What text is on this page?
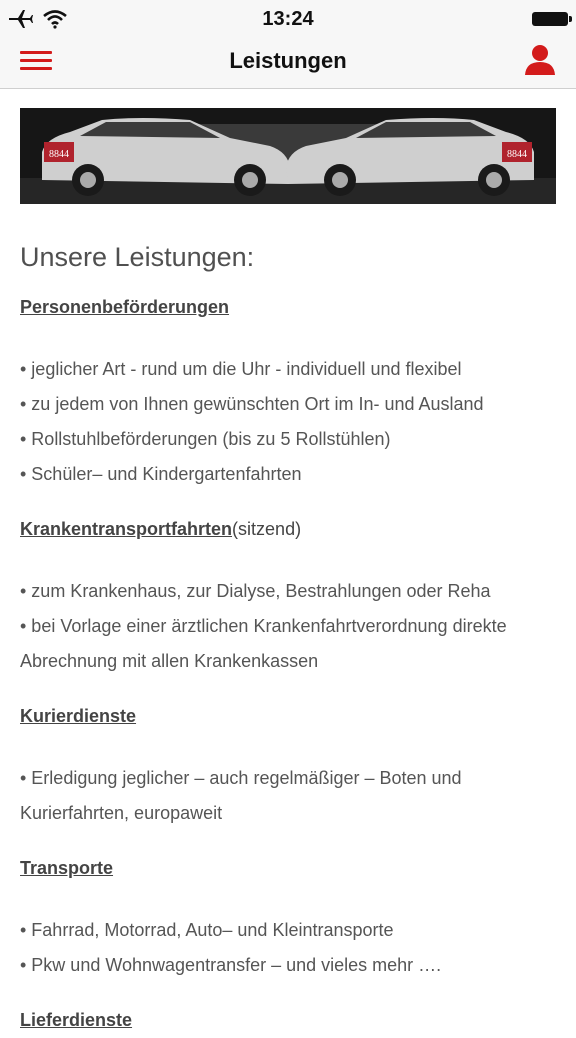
13:24
Leistungen
8844	8844
Unsere Leistungen:
Personenbeförderungen
• jeglicher Art - rund um die Uhr - individuell und flexibel
• zu jedem von Ihnen gewünschten Ort im In- und Ausland
• Rollstuhlbeförderungen (bis zu 5 Rollstühlen)
• Schüler– und Kindergartenfahrten
Krankentransportfahrten(sitzend)
• zum Krankenhaus, zur Dialyse, Bestrahlungen oder Reha
• bei Vorlage einer ärztlichen Krankenfahrtverordnung direkte
Abrechnung mit allen Krankenkassen
Kurierdienste
• Erledigung jeglicher – auch regelmäßiger – Boten und
Kurierfahrten, europaweit
Transporte
• Fahrrad, Motorrad, Auto– und Kleintransporte
• Pkw und Wohnwagentransfer – und vieles mehr ….
Lieferdienste
